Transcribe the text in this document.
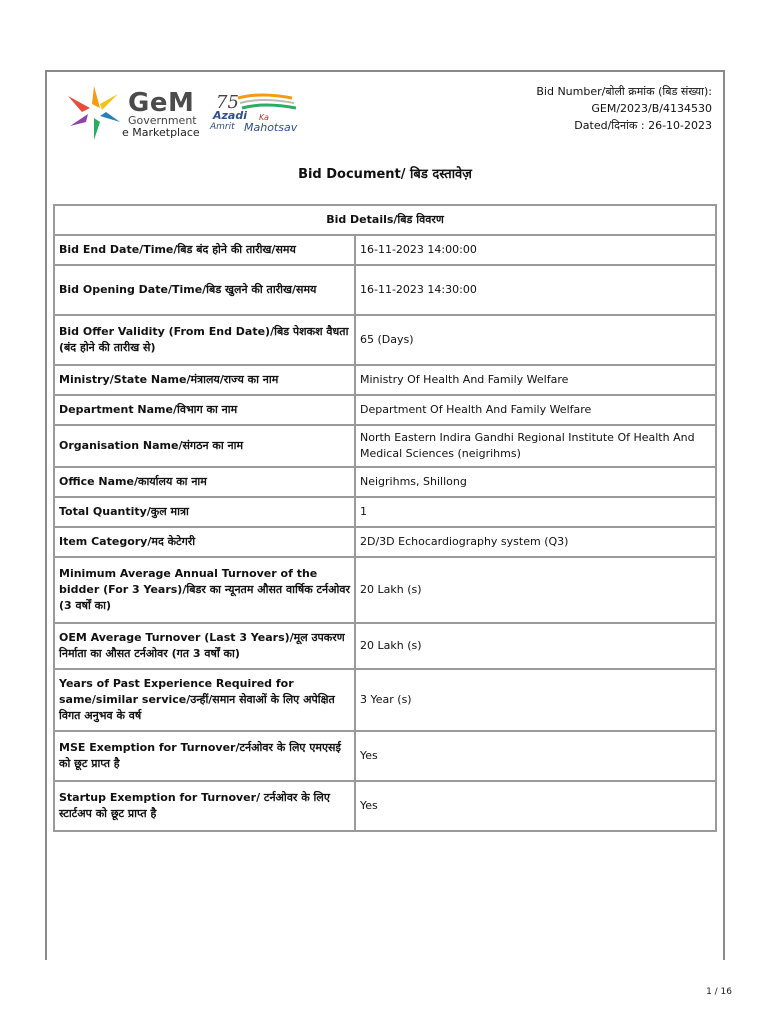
GeM
Government
e Marketplace
75
Azadi Ka
Amrit Mahotsav
Bid Number/बोली क्रमांक (बिड संख्या):
GEM/2023/B/4134530
Dated/दिनांक : 26-10-2023
Bid Document/ बिड दस्तावेज़
Bid Details/बिड विवरण	
Bid End Date/Time/बिड बंद होने की तारीख/समय	16-11-2023 14:00:00
Bid Opening Date/Time/बिड खुलने की तारीख/समय	16-11-2023 14:30:00
Bid Offer Validity (From End Date)/बिड पेशकश वैधता (बंद होने की तारीख से)	65 (Days)
Ministry/State Name/मंत्रालय/राज्य का नाम	Ministry Of Health And Family Welfare
Department Name/विभाग का नाम	Department Of Health And Family Welfare
Organisation Name/संगठन का नाम	North Eastern Indira Gandhi Regional Institute Of Health And Medical Sciences (neigrihms)
Office Name/कार्यालय का नाम	Neigrihms, Shillong
Total Quantity/कुल मात्रा	1
Item Category/मद केटेगरी	2D/3D Echocardiography system (Q3)
Minimum Average Annual Turnover of the bidder (For 3 Years)/बिडर का न्यूनतम औसत वार्षिक टर्नओवर (3 वर्षों का)	20 Lakh (s)
OEM Average Turnover (Last 3 Years)/मूल उपकरण निर्माता का औसत टर्नओवर (गत 3 वर्षों का)	20 Lakh (s)
Years of Past Experience Required for same/similar service/उन्हीं/समान सेवाओं के लिए अपेक्षित विगत अनुभव के वर्ष	3 Year (s)
MSE Exemption for Turnover/टर्नओवर के लिए एमएसई को छूट प्राप्त है	Yes
Startup Exemption for Turnover/ टर्नओवर के लिए स्टार्टअप को छूट प्राप्त है	Yes
1 / 16
